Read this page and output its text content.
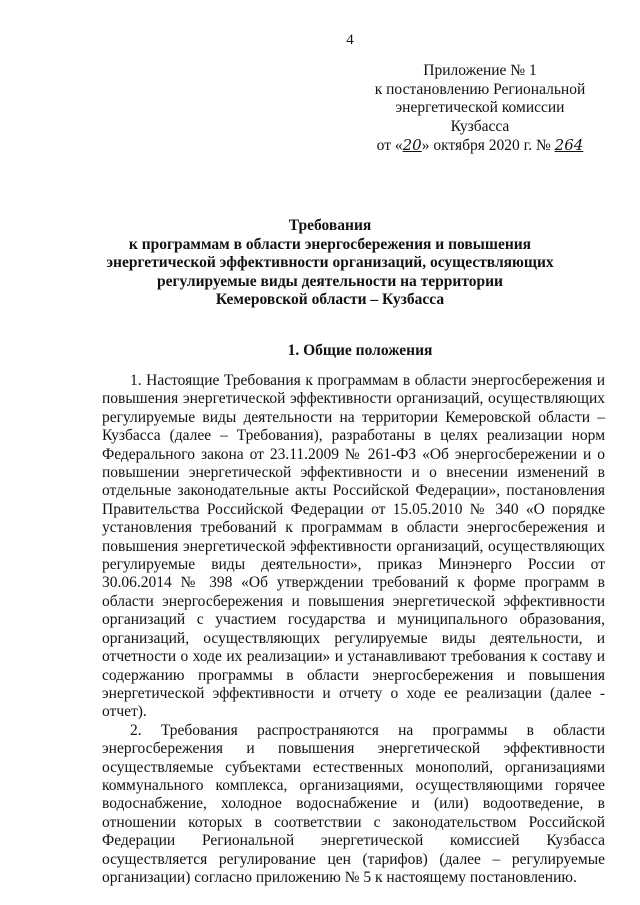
4
Приложение № 1
к постановлению Региональной
энергетической комиссии
Кузбасса
от «20» октября 2020 г. № 264
Требования
к программам в области энергосбережения и повышения
энергетической эффективности организаций, осуществляющих
регулируемые виды деятельности на территории
Кемеровской области – Кузбасса
1. Общие положения

1. Настоящие Требования к программам в области энергосбережения и повышения энергетической эффективности организаций, осуществляющих регулируемые виды деятельности на территории Кемеровской области – Кузбасса (далее – Требования), разработаны в целях реализации норм Федерального закона от 23.11.2009 № 261-ФЗ «Об энергосбережении и о повышении энергетической эффективности и о внесении изменений в отдельные законодательные акты Российской Федерации», постановления Правительства Российской Федерации от 15.05.2010 № 340 «О порядке установления требований к программам в области энергосбережения и повышения энергетической эффективности организаций, осуществляющих регулируемые виды деятельности», приказ Минэнерго России от 30.06.2014 № 398 «Об утверждении требований к форме программ в области энергосбережения и повышения энергетической эффективности организаций с участием государства и муниципального образования, организаций, осуществляющих регулируемые виды деятельности, и отчетности о ходе их реализации» и устанавливают требования к составу и содержанию программы в области энергосбережения и повышения энергетической эффективности и отчету о ходе ее реализации (далее - отчет).

2. Требования распространяются на программы в области энергосбережения и повышения энергетической эффективности осуществляемые субъектами естественных монополий, организациями коммунального комплекса, организациями, осуществляющими горячее водоснабжение, холодное водоснабжение и (или) водоотведение, в отношении которых в соответствии с законодательством Российской Федерации Региональной энергетической комиссией Кузбасса осуществляется регулирование цен (тарифов) (далее – регулируемые организации) согласно приложению № 5 к настоящему постановлению.
